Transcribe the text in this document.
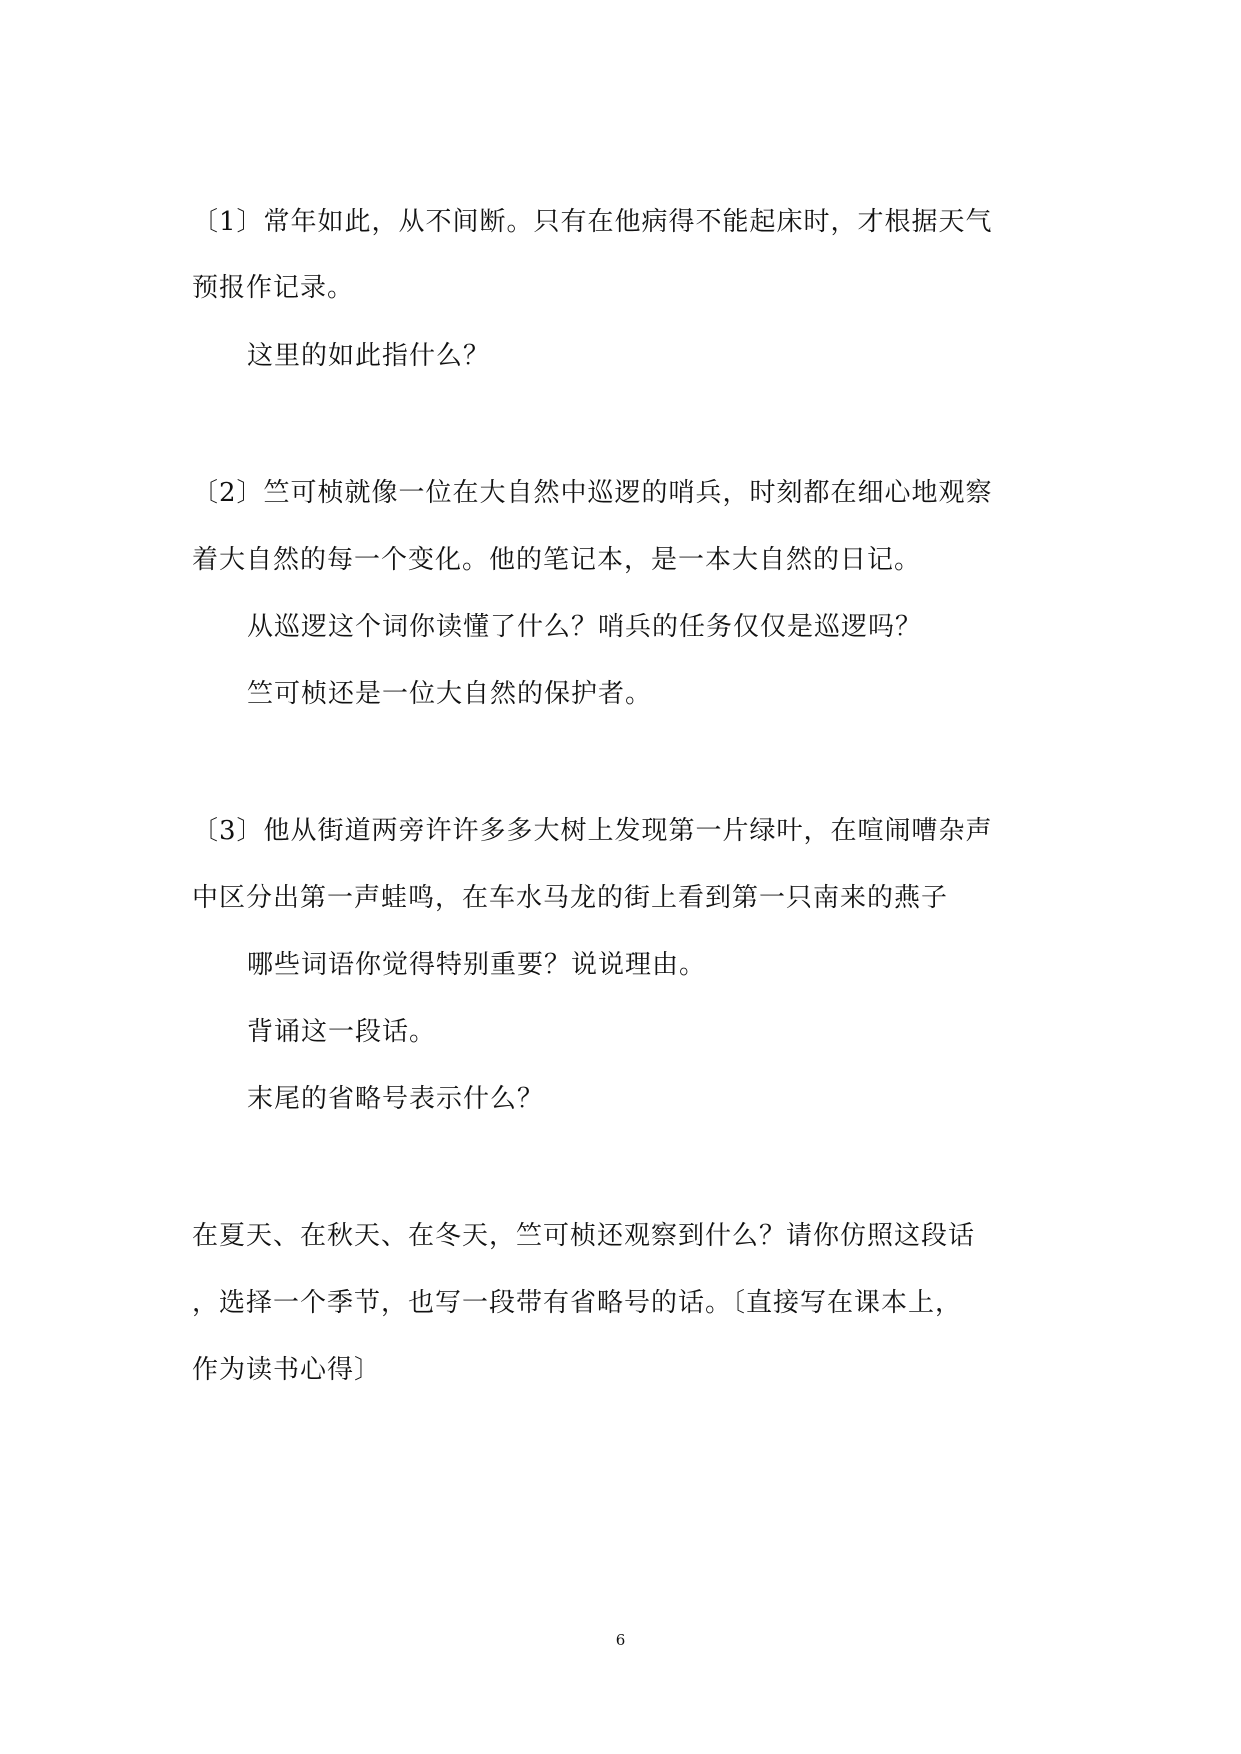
〔1〕常年如此，从不间断。只有在他病得不能起床时，才根据天气
预报作记录。
这里的如此指什么？
〔2〕竺可桢就像一位在大自然中巡逻的哨兵，时刻都在细心地观察
着大自然的每一个变化。他的笔记本，是一本大自然的日记。
从巡逻这个词你读懂了什么？哨兵的任务仅仅是巡逻吗？
竺可桢还是一位大自然的保护者。
〔3〕他从街道两旁许许多多大树上发现第一片绿叶，在喧闹嘈杂声
中区分出第一声蛙鸣，在车水马龙的街上看到第一只南来的燕子
哪些词语你觉得特别重要？说说理由。
背诵这一段话。
末尾的省略号表示什么？
在夏天、在秋天、在冬天，竺可桢还观察到什么？请你仿照这段话
，选择一个季节，也写一段带有省略号的话。〔直接写在课本上，
作为读书心得〕
6
